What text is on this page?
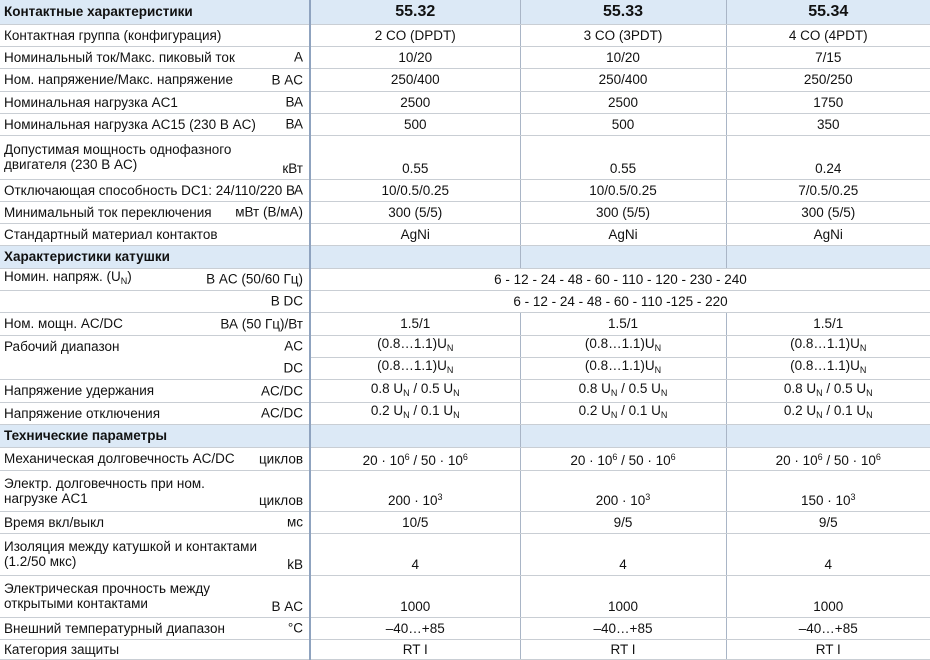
Контактные характеристики	55.32	55.33	55.34
Контактная группа (конфигурация)	2 CO (DPDT)	3 CO (3PDT)	4 CO (4PDT)
Номинальный ток/Макс. пиковый ток A	10/20	10/20	7/15
Ном. напряжение/Макс. напряжение В AC	250/400	250/400	250/250
Номинальная нагрузка AC1 ВА	2500	2500	1750
Номинальная нагрузка AC15 (230 В AC) ВА	500	500	350

Допустимая мощность однофазного
двигателя (230 В AC) кВт	0.55	0.55	0.24
Отключающая способность DC1: 24/110/220 В
A	10/0.5/0.25	10/0.5/0.25	7/0.5/0.25
Минимальный ток переключения мВт (В/мА)	300 (5/5)	300 (5/5)	300 (5/5)
Стандартный материал контактов	AgNi	AgNi	AgNi
Характеристики катушки			
Номин. напряж. $(U_N)$ В AC (50/60 Гц)	6 - 12 - 24 - 48 - 60 - 110 - 120 - 230 - 240		

В DC	6 - 12 - 24 - 48 - 60 - 110 -125 - 220		
Ном. мощн. AC/DC ВА (50 Гц)/Вт	1.5/1	1.5/1	1.5/1
Рабочий диапазон AC	$(0.8\dots 1.1)U_N$	$(0.8\dots 1.1)U_N$	$(0.8\dots 1.1)U_N$

DC	$(0.8\dots 1.1)U_N$	$(0.8\dots 1.1)U_N$	$(0.8\dots 1.1)U_N$
Напряжение удержания AC/DC	0.8 $U_N / 0.5$ $U_N$	0.8 $U_N / 0.5$ $U_N$	0.8 $U_N / 0.5$ $U_N$
Напряжение отключения AC/DC	0.2 $U_N / 0.1$ $U_N$	0.2 $U_N / 0.1$ $U_N$	0.2 $U_N / 0.1$ $U_N$
Технические параметры			
Механическая долговечность AC/DC циклов	$20 \cdot 10^6 / 50 \cdot 10^6$	$20 \cdot 10^6 / 50 \cdot 10^6$	$20 \cdot 10^6 / 50 \cdot 10^6$

Электр. долговечность при ном.
нагрузке AC1 циклов	$200 \cdot 10^3$	$200 \cdot 10^3$	$150 \cdot 10^3$
Время вкл/выкл мс	10/5	9/5	9/5

Изоляция между катушкой и контактами
(1.2/50 мкс) kВ	4	4	4

Электрическая прочность между
открытыми контактами В AC	1000	1000	1000
Внешний температурный диапазон °C	–40…+85	–40…+85	–40…+85
Категория защиты	RT I	RT I	RT I
